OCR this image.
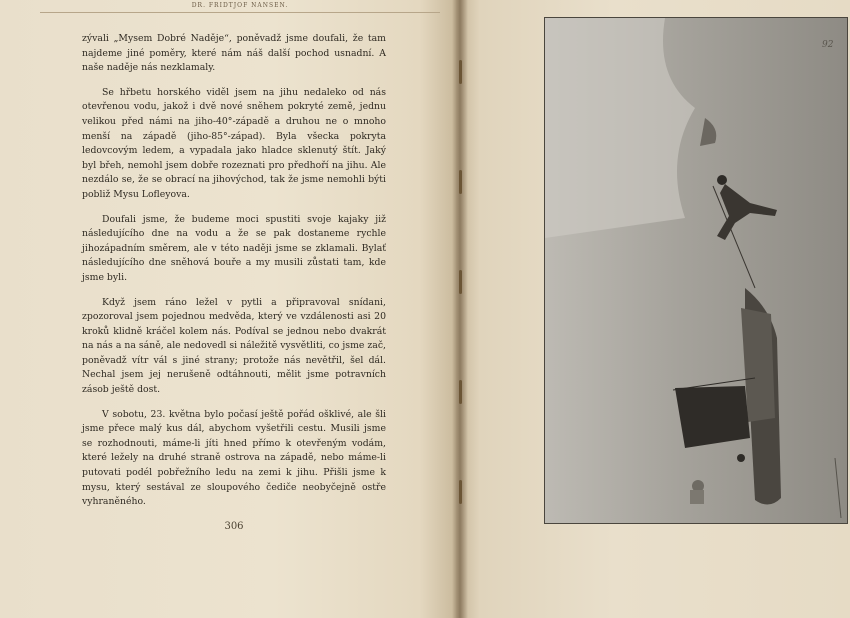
DR. FRIDTJOF NANSEN.

zývali „Mysem Dobré Naděje“, poněvadž jsme doufali, že tam najdeme jiné poměry, které nám náš další pochod usnadní. A naše naděje nás nezklamaly.

Se hřbetu horského viděl jsem na jihu nedaleko od nás otevřenou vodu, jakož i dvě nové sněhem pokryté země, jednu velikou před námi na jiho-40°-západě a druhou ne o mnoho menší na západě (jiho-85°-západ). Byla všecka pokryta ledovcovým ledem, a vypadala jako hladce sklenutý štít. Jaký byl břeh, nemohl jsem dobře rozeznati pro předhoří na jihu. Ale nezdálo se, že se obrací na jihovýchod, tak že jsme nemohli býti pobliž Mysu Lofleyova.

Doufali jsme, že budeme moci spustiti svoje kajaky již následujícího dne na vodu a že se pak dostaneme rychle jihozápadním směrem, ale v této naději jsme se zklamali. Bylať následujícího dne sněhová bouře a my musili zůstati tam, kde jsme byli.

Když jsem ráno ležel v pytli a připravoval snídani, zpozoroval jsem pojednou medvěda, který ve vzdálenosti asi 20 kroků klidně kráčel kolem nás. Podíval se jednou nebo dvakrát na nás a na sáně, ale nedovedl si náležitě vysvětliti, co jsme zač, poněvadž vítr vál s jiné strany; protože nás nevětřil, šel dál. Nechal jsem jej nerušeně odtáhnouti, mělit jsme potravních zásob ještě dost.

V sobotu, 23. května bylo počasí ještě pořád ošklivé, ale šli jsme přece malý kus dál, abychom vyšetřili cestu. Musili jsme se rozhodnouti, máme-li jíti hned přímo k otevřeným vodám, které ležely na druhé straně ostrova na západě, nebo máme-li putovati podél pobřežního ledu na zemi k jihu. Přišli jsme k mysu, který sestával ze sloupového čediče neobyčejně ostře vyhraněného.

306
92
